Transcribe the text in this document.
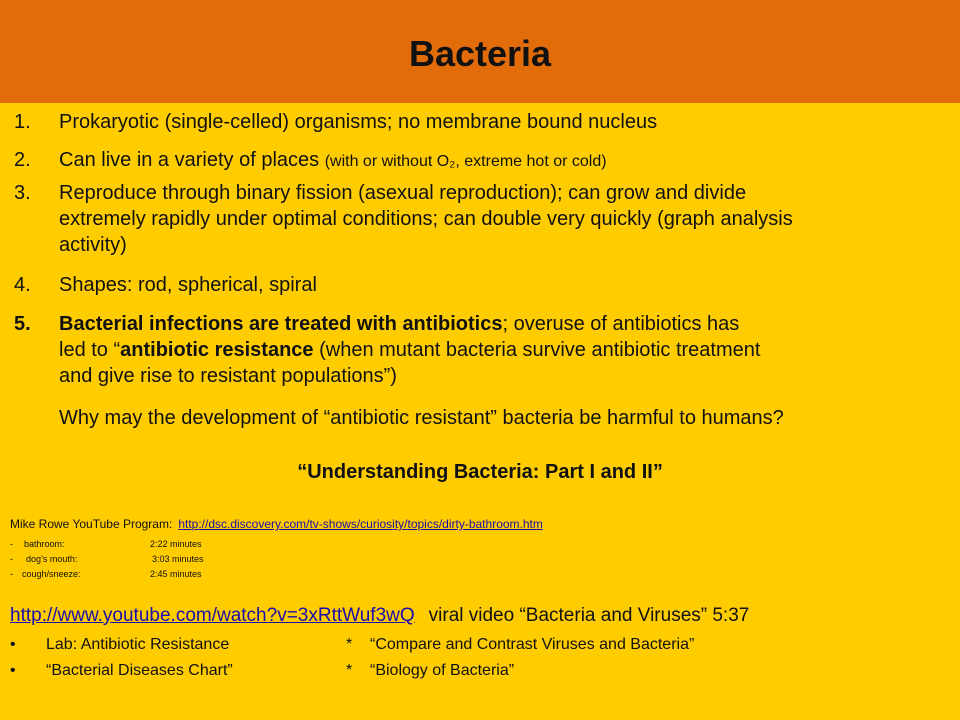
Bacteria
1.	Prokaryotic (single-celled) organisms; no membrane bound nucleus
2.	Can live in a variety of places (with or without O₂, extreme hot or cold)
3.	Reproduce through binary fission (asexual reproduction); can grow and divide extremely rapidly under optimal conditions; can double very quickly (graph analysis activity)
4.	Shapes: rod, spherical, spiral
5.	Bacterial infections are treated with antibiotics; overuse of antibiotics has led to “antibiotic resistance (when mutant bacteria survive antibiotic treatment and give rise to resistant populations”)
Why may the development of “antibiotic resistant” bacteria be harmful to humans?
“Understanding Bacteria: Part I and II”
Mike Rowe YouTube Program: http://dsc.discovery.com/tv-shows/curiosity/topics/dirty-bathroom.htm
- bathroom:	2:22 minutes
- dog’s mouth:	3:03 minutes
- cough/sneeze:	2:45 minutes
http://www.youtube.com/watch?v=3xRttWuf3wQ viral video “Bacteria and Viruses” 5:37
• Lab: Antibiotic Resistance	* “Compare and Contrast Viruses and Bacteria”
• “Bacterial Diseases Chart”	* “Biology of Bacteria”
